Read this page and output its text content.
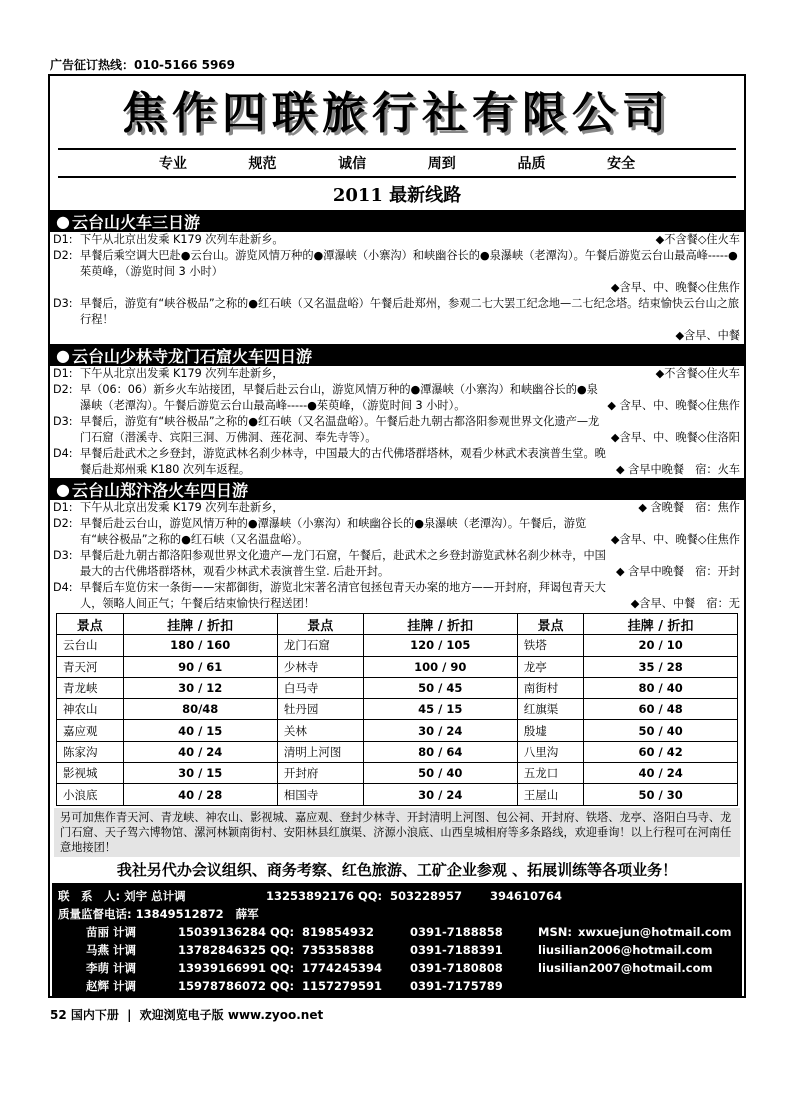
广告征订热线：010-5166 5969
焦作四联旅行社有限公司
专业	规范	诚信	周到	品质	安全
2011 最新线路
● 云台山火车三日游
D1:	◆不含餐◇住火车
下午从北京出发乘 K179 次列车赴新乡。
D2: 早餐后乘空调大巴赴●云台山。游览风情万种的●潭瀑峡（小寨沟）和峡幽谷长的●泉瀑峡（老潭沟）。午餐后游览云台山最高峰-----●茱萸峰，（游览时间 3 小时）
◆含早、中、晚餐◇住焦作
D3: 早餐后，游览有“峡谷极品”之称的●红石峡（又名温盘峪）午餐后赴郑州，参观二七大罢工纪念地—二七纪念塔。结束愉快云台山之旅行程！
◆含早、中餐
● 云台山少林寺龙门石窟火车四日游
D1:	◆不含餐◇住火车
下午从北京出发乘 K179 次列车赴新乡，
D2:
◆ 含早、中、晚餐◇住焦作
早（06：06）新乡火车站接团，早餐后赴云台山，游览风情万种的●潭瀑峡（小寨沟）和峡幽谷长的●泉瀑峡（老潭沟）。午餐后游览云台山最高峰-----●茱萸峰，（游览时间 3 小时）。
D3:
◆含早、中、晚餐◇住洛阳
早餐后，游览有“峡谷极品”之称的●红石峡（又名温盘峪）。午餐后赴九朝古都洛阳参观世界文化遗产—龙门石窟（潜溪寺、宾阳三洞、万佛洞、莲花洞、奉先寺等）。
D4:
◆ 含早中晚餐　宿：火车
早餐后赴武术之乡登封，游览武林名刹少林寺，中国最大的古代佛塔群塔林，观看少林武术表演普生堂。晚餐后赴郑州乘 K180 次列车返程。
● 云台山郑汴洛火车四日游
D1:	◆ 含晚餐　宿：焦作
下午从北京出发乘 K179 次列车赴新乡，
D2:
◆含早、中、晚餐◇住焦作
早餐后赴云台山，游览风情万种的●潭瀑峡（小寨沟）和峡幽谷长的●泉瀑峡（老潭沟）。午餐后，游览有“峡谷极品”之称的●红石峡（又名温盘峪）。
D3:
◆ 含早中晚餐　宿：开封
早餐后赴九朝古都洛阳参观世界文化遗产—龙门石窟，午餐后，赴武术之乡登封游览武林名刹少林寺，中国最大的古代佛塔群塔林，观看少林武术表演普生堂. 后赴开封。
D4:
◆含早、中餐　宿：无
早餐后车览仿宋一条街——宋都御街，游览北宋著名清官包拯包青天办案的地方——开封府，拜谒包青天大人，领略人间正气；午餐后结束愉快行程送团！
景点	挂牌 / 折扣	景点	挂牌 / 折扣	景点	挂牌 / 折扣
云台山	180 / 160	龙门石窟	120 / 105	铁塔	20 / 10
青天河	90 / 61	少林寺	100 / 90	龙亭	35 / 28
青龙峡	30 / 12	白马寺	50 / 45	南街村	80 / 40
神农山	80/48	牡丹园	45 / 15	红旗渠	60 / 48
嘉应观	40 / 15	关林	30 / 24	殷墟	50 / 40
陈家沟	40 / 24	清明上河图	80 / 64	八里沟	60 / 42
影视城	30 / 15	开封府	50 / 40	五龙口	40 / 24
小浪底	40 / 28	相国寺	30 / 24	王屋山	50 / 30
另可加焦作青天河、青龙峡、神农山、影视城、嘉应观、登封少林寺、开封清明上河图、包公祠、开封府、铁塔、龙亭、洛阳白马寺、龙门石窟、天子驾六博物馆、漯河林颖南街村、安阳林县红旗渠、济源小浪底、山西皇城相府等多条路线，欢迎垂询！以上行程可在河南任意地接团！
我社另代办会议组织、商务考察、红色旅游、工矿企业参观 、拓展训练等各项业务！
联　系　人: 刘宇 总计调	13253892176 QQ: 503228957 394610764
质量监督电话: 13849512872 薛军
苗丽 计调	15039136284 QQ: 819854932	0391-7188858	MSN: xwxuejun@hotmail.com
马燕 计调	13782846325 QQ: 735358388	0391-7188391	liusilian2006@hotmail.com
李萌 计调	13939166991 QQ: 1774245394 0391-7180808	liusilian2007@hotmail.com
赵辉 计调	15978786072 QQ: 1157279591 0391-7175789

52 国内下册 | 欢迎浏览电子版 www.zyoo.net
